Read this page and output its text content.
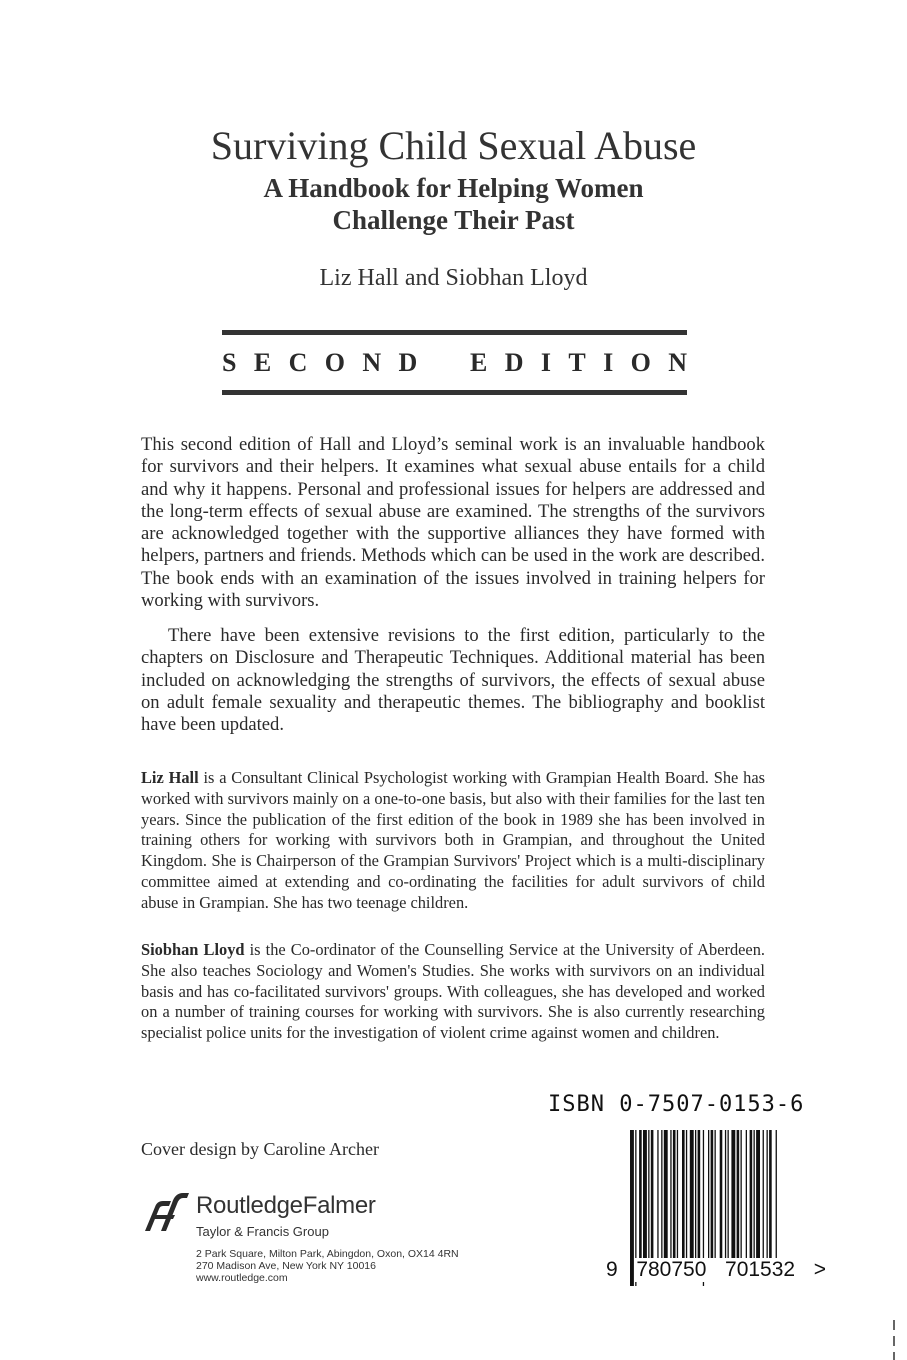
Surviving Child Sexual Abuse
A Handbook for Helping Women
Challenge Their Past
Liz Hall and Siobhan Lloyd
S E C O N D E D I T I O N
This second edition of Hall and Lloyd’s seminal work is an invaluable handbook for survivors and their helpers. It examines what sexual abuse entails for a child and why it happens. Personal and professional issues for helpers are addressed and the long-term effects of sexual abuse are examined. The strengths of the survivors are acknowledged together with the supportive alliances they have formed with helpers, partners and friends. Methods which can be used in the work are described. The book ends with an examination of the issues involved in training helpers for working with survivors.
There have been extensive revisions to the first edition, particularly to the chapters on Disclosure and Therapeutic Techniques. Additional material has been included on acknowledging the strengths of survivors, the effects of sexual abuse on adult female sexuality and therapeutic themes. The bibliography and booklist have been updated.
Liz Hall is a Consultant Clinical Psychologist working with Grampian Health Board. She has worked with survivors mainly on a one-to-one basis, but also with their families for the last ten years. Since the publication of the first edition of the book in 1989 she has been involved in training others for working with survivors both in Grampian, and throughout the United Kingdom. She is Chairperson of the Grampian Survivors' Project which is a multi-disciplinary committee aimed at extending and co-ordinating the facilities for adult survivors of child abuse in Grampian. She has two teenage children.
Siobhan Lloyd is the Co-ordinator of the Counselling Service at the University of Aberdeen. She also teaches Sociology and Women's Studies. She works with survivors on an individual basis and has co-facilitated survivors' groups. With colleagues, she has developed and worked on a number of training courses for working with survivors. She is also currently researching specialist police units for the investigation of violent crime against women and children.
ISBN 0-7507-0153-6
Cover design by Caroline Archer
RoutledgeFalmer
Taylor & Francis Group
2 Park Square, Milton Park, Abingdon, Oxon, OX14 4RN
270 Madison Ave, New York NY 10016
www.routledge.com	9 780750 701532 >
